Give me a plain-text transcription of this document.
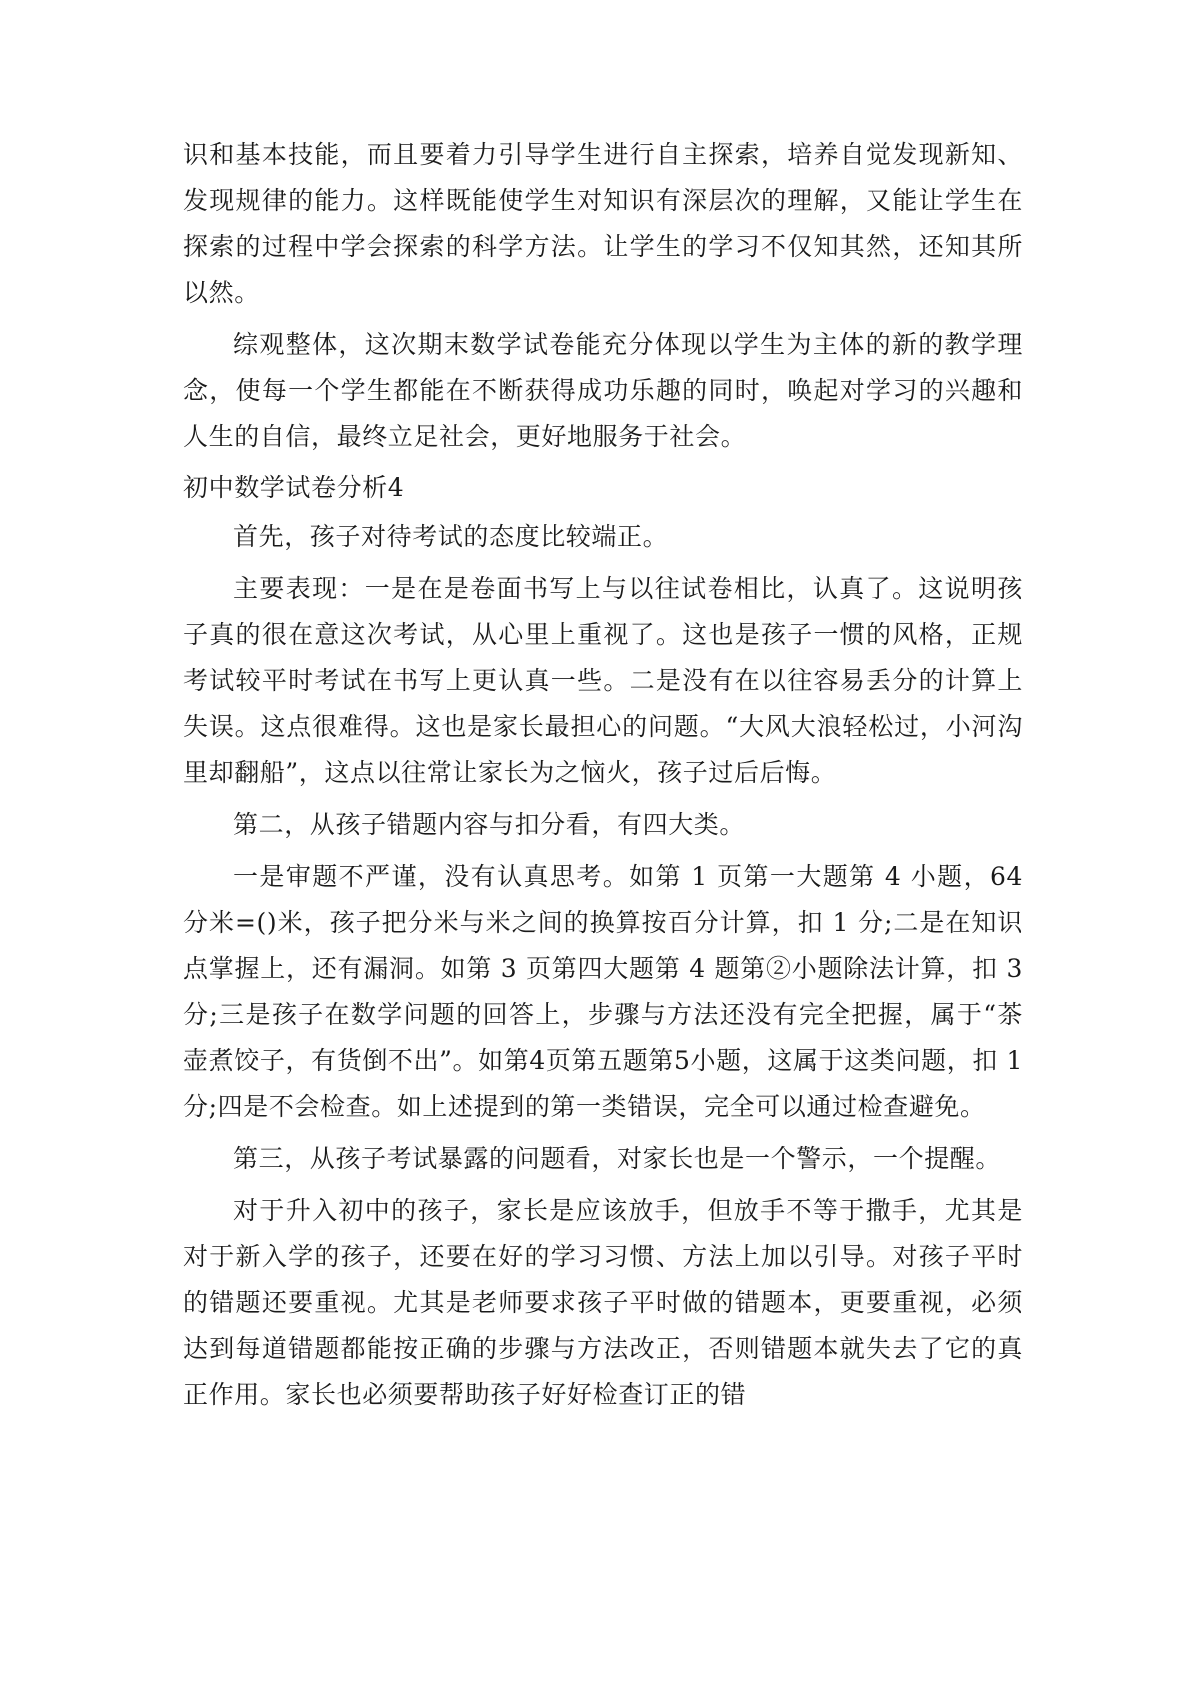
识和基本技能，而且要着力引导学生进行自主探索，培养自觉发现新知、发现规律的能力。这样既能使学生对知识有深层次的理解，又能让学生在探索的过程中学会探索的科学方法。让学生的学习不仅知其然，还知其所以然。

综观整体，这次期末数学试卷能充分体现以学生为主体的新的教学理念，使每一个学生都能在不断获得成功乐趣的同时，唤起对学习的兴趣和人生的自信，最终立足社会，更好地服务于社会。

初中数学试卷分析4

首先，孩子对待考试的态度比较端正。

主要表现：一是在是卷面书写上与以往试卷相比，认真了。这说明孩子真的很在意这次考试，从心里上重视了。这也是孩子一惯的风格，正规考试较平时考试在书写上更认真一些。二是没有在以往容易丢分的计算上失误。这点很难得。这也是家长最担心的问题。“大风大浪轻松过，小河沟里却翻船”，这点以往常让家长为之恼火，孩子过后后悔。

第二，从孩子错题内容与扣分看，有四大类。

一是审题不严谨，没有认真思考。如第 1 页第一大题第 4 小题，64 分米=()米，孩子把分米与米之间的换算按百分计算，扣 1 分;二是在知识点掌握上，还有漏洞。如第 3 页第四大题第 4 题第②小题除法计算，扣 3 分;三是孩子在数学问题的回答上，步骤与方法还没有完全把握，属于“茶壶煮饺子，有货倒不出”。如第4页第五题第5小题，这属于这类问题，扣 1 分;四是不会检查。如上述提到的第一类错误，完全可以通过检查避免。

第三，从孩子考试暴露的问题看，对家长也是一个警示，一个提醒。

对于升入初中的孩子，家长是应该放手，但放手不等于撒手，尤其是对于新入学的孩子，还要在好的学习习惯、方法上加以引导。对孩子平时的错题还要重视。尤其是老师要求孩子平时做的错题本，更要重视，必须达到每道错题都能按正确的步骤与方法改正，否则错题本就失去了它的真正作用。家长也必须要帮助孩子好好检查订正的错
